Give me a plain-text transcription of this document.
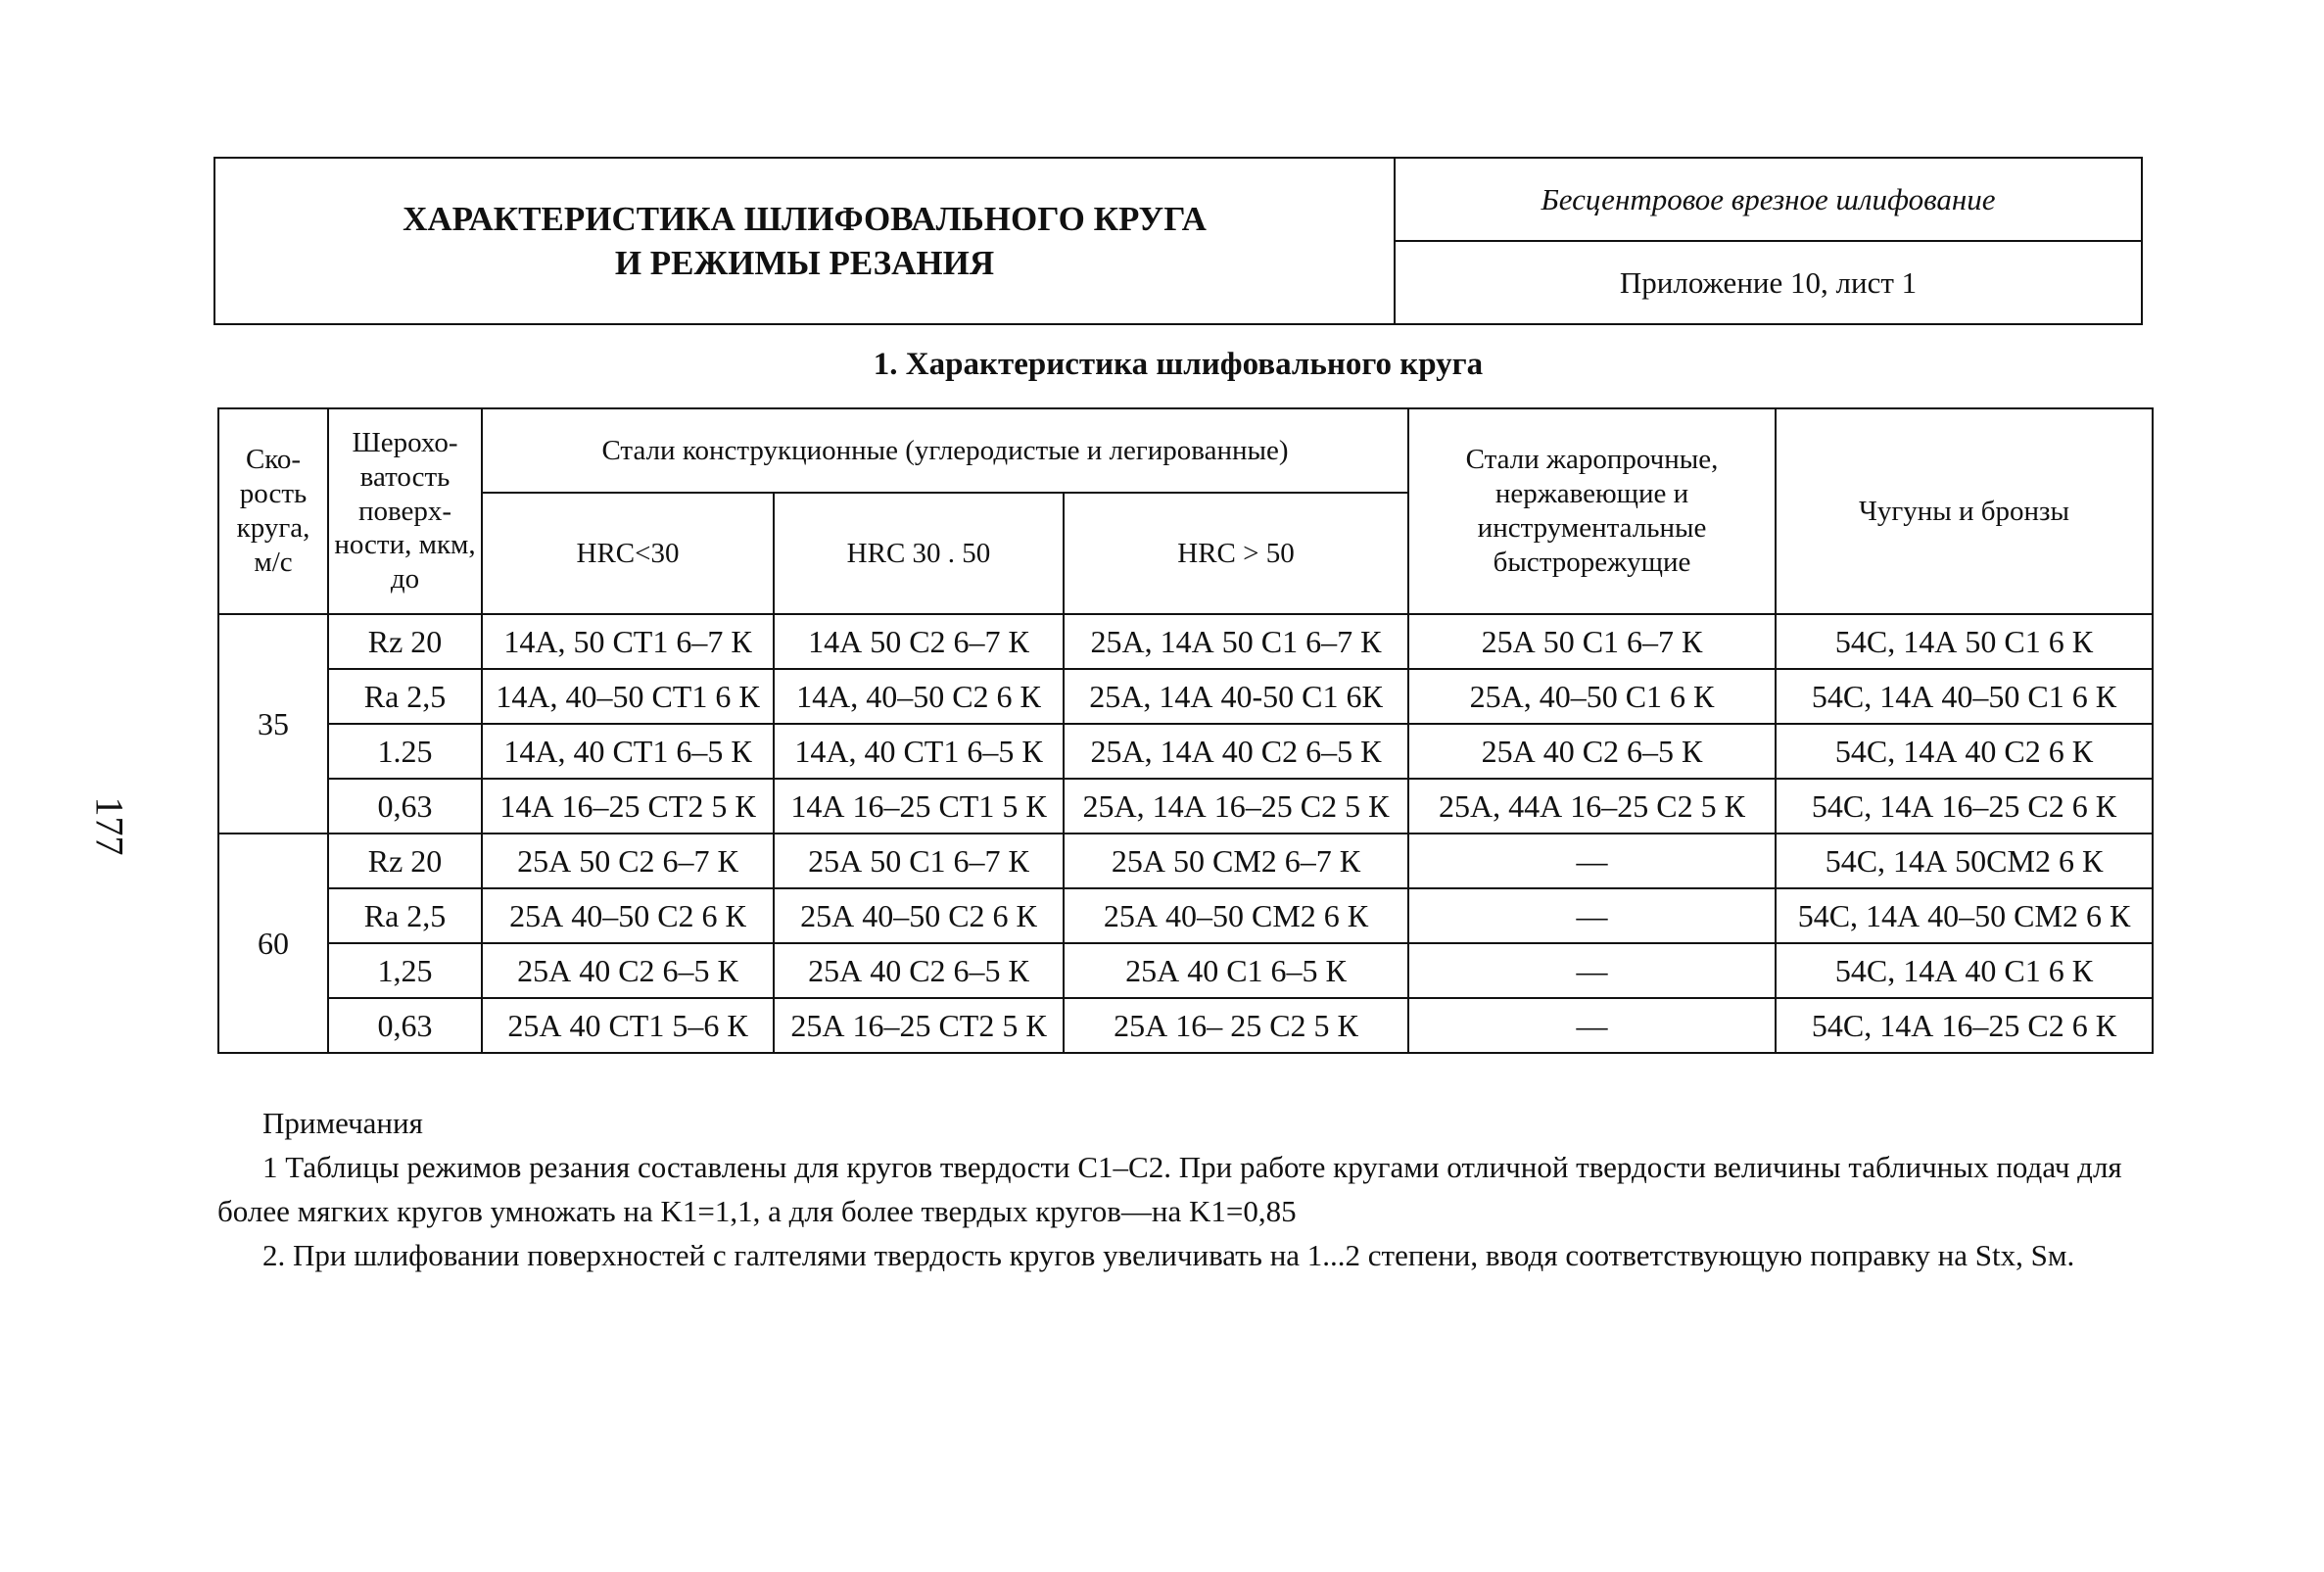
ХАРАКТЕРИСТИКА ШЛИФОВАЛЬНОГО КРУГА
И РЕЖИМЫ РЕЗАНИЯ
Бесцентровое врезное шлифование
Приложение 10, лист 1
1. Характеристика шлифовального круга
177
Ско-рость круга, м/с	Шерохо-ватость поверх-ности, мкм, до	Стали конструкционные (углеродистые и легированные)			Стали жаропрочные, нержавеющие и инструментальные быстрорежущие	Чугуны и бронзы
		HRC<30	HRC 30 . 50	HRC > 50		
35	Rz 20	14А, 50 СТ1 6–7 К	14А 50 С2 6–7 К	25А, 14А 50 С1 6–7 К	25А 50 С1 6–7 К	54С, 14А 50 С1 6 К
	Ra 2,5	14А, 40–50 СТ1 6 К	14А, 40–50 С2 6 К	25А, 14А 40-50 С1 6К	25А, 40–50 С1 6 К	54С, 14А 40–50 С1 6 К
	1.25	14А, 40 СТ1 6–5 К	14А, 40 СТ1 6–5 К	25А, 14А 40 С2 6–5 К	25А 40 С2 6–5 К	54С, 14А 40 С2 6 К
	0,63	14А 16–25 СТ2 5 К	14А 16–25 СТ1 5 К	25А, 14А 16–25 С2 5 К	25А, 44А 16–25 С2 5 К	54С, 14А 16–25 С2 6 К
60	Rz 20	25А 50 С2 6–7 К	25А 50 С1 6–7 К	25А 50 СМ2 6–7 К	—	54С, 14А 50СМ2 6 К
	Ra 2,5	25А 40–50 С2 6 К	25А 40–50 С2 6 К	25А 40–50 СМ2 6 К	—	54С, 14А 40–50 СМ2 6 К
	1,25	25А 40 С2 6–5 К	25А 40 С2 6–5 К	25А 40 С1 6–5 К	—	54С, 14А 40 С1 6 К
	0,63	25А 40 СТ1 5–6 К	25А 16–25 СТ2 5 К	25А 16– 25 С2 5 К	—	54С, 14А 16–25 С2 6 К

Примечания

1 Таблицы режимов резания составлены для кругов твердости С1–С2. При работе кругами отличной твердости величины табличных подач для более мягких кругов умножать на K1=1,1, а для более твердых кругов—на K1=0,85

2. При шлифовании поверхностей с галтелями твердость кругов увеличивать на 1...2 степени, вводя соответствующую поправку на Stx, Sм.
